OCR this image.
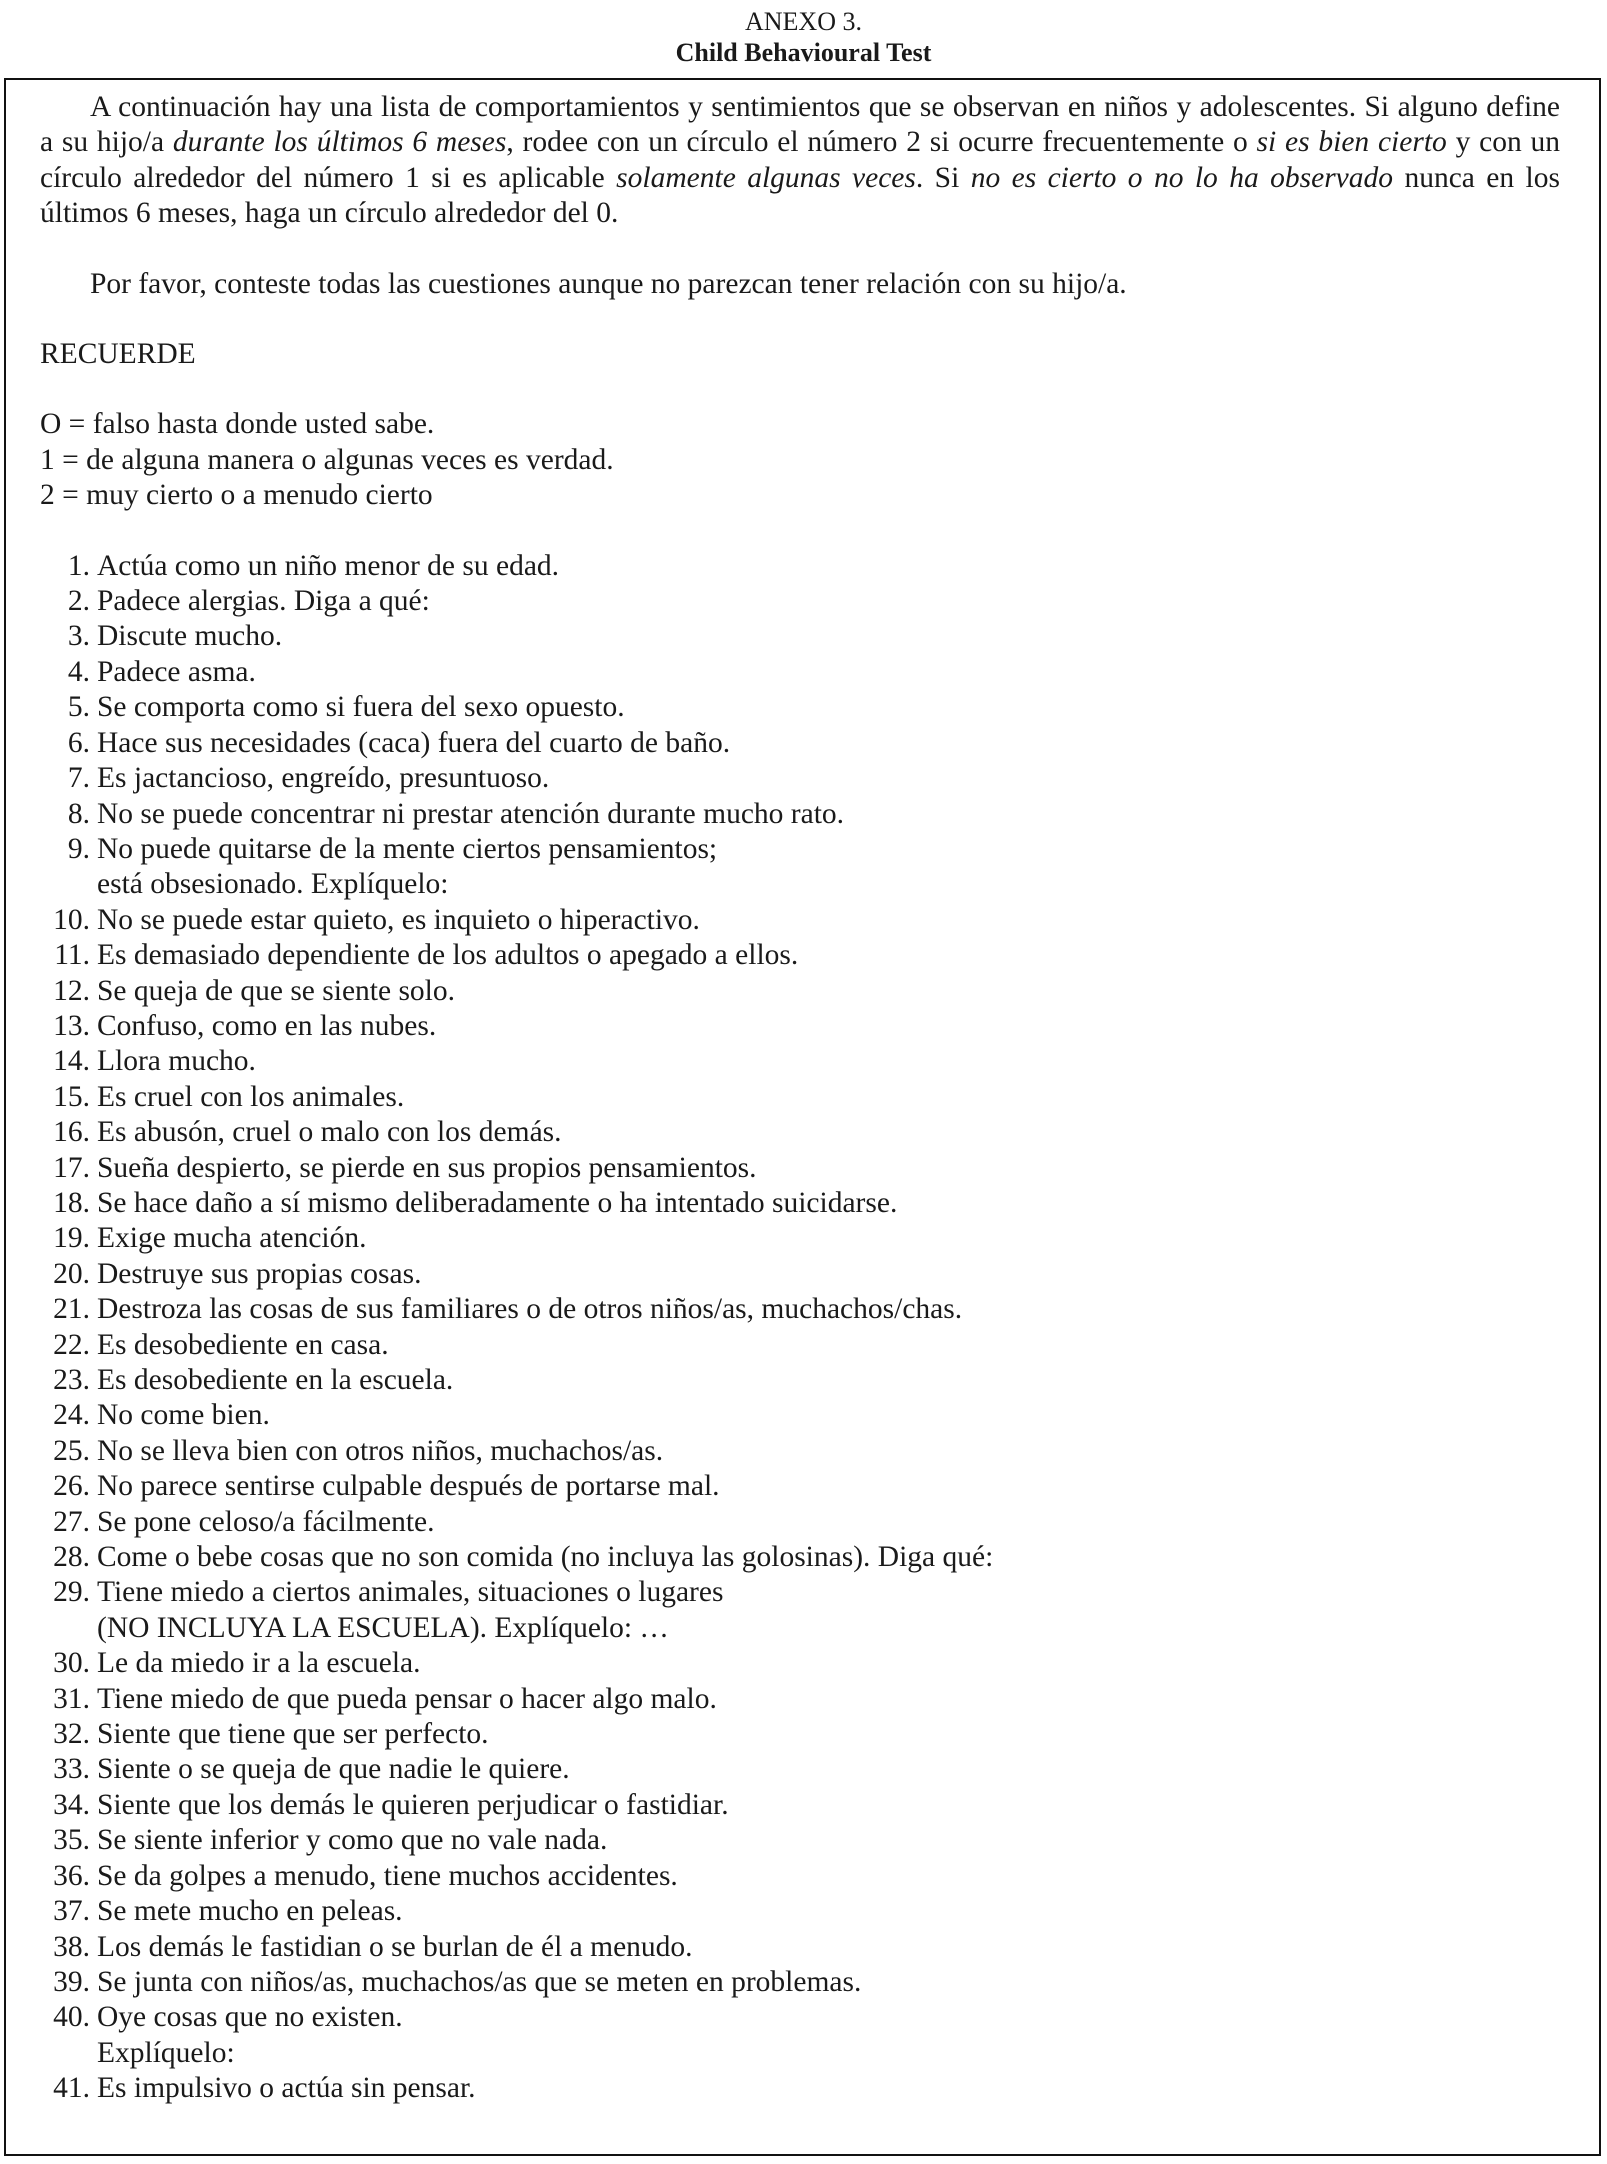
ANEXO 3.
Child Behavioural Test

A continuación hay una lista de comportamientos y sentimientos que se observan en niños y adolescentes. Si alguno define a su hijo/a durante los últimos 6 meses, rodee con un círculo el número 2 si ocurre frecuentemente o si es bien cierto y con un círculo alrededor del número 1 si es aplicable solamente algunas veces. Si no es cierto o no lo ha observado nunca en los últimos 6 meses, haga un círculo alrededor del 0.

Por favor, conteste todas las cuestiones aunque no parezcan tener relación con su hijo/a.

RECUERDE

O = falso hasta donde usted sabe.
1 = de alguna manera o algunas veces es verdad.
2 = muy cierto o a menudo cierto
1. Actúa como un niño menor de su edad.
2. Padece alergias. Diga a qué:
3. Discute mucho.
4. Padece asma.
5. Se comporta como si fuera del sexo opuesto.
6. Hace sus necesidades (caca) fuera del cuarto de baño.
7. Es jactancioso, engreído, presuntuoso.
8. No se puede concentrar ni prestar atención durante mucho rato.
9. No puede quitarse de la mente ciertos pensamientos;
está obsesionado. Explíquelo:
10. No se puede estar quieto, es inquieto o hiperactivo.
11. Es demasiado dependiente de los adultos o apegado a ellos.
12. Se queja de que se siente solo.
13. Confuso, como en las nubes.
14. Llora mucho.
15. Es cruel con los animales.
16. Es abusón, cruel o malo con los demás.
17. Sueña despierto, se pierde en sus propios pensamientos.
18. Se hace daño a sí mismo deliberadamente o ha intentado suicidarse.
19. Exige mucha atención.
20. Destruye sus propias cosas.
21. Destroza las cosas de sus familiares o de otros niños/as, muchachos/chas.
22. Es desobediente en casa.
23. Es desobediente en la escuela.
24. No come bien.
25. No se lleva bien con otros niños, muchachos/as.
26. No parece sentirse culpable después de portarse mal.
27. Se pone celoso/a fácilmente.
28. Come o bebe cosas que no son comida (no incluya las golosinas). Diga qué:
29. Tiene miedo a ciertos animales, situaciones o lugares
(NO INCLUYA LA ESCUELA). Explíquelo: …
30. Le da miedo ir a la escuela.
31. Tiene miedo de que pueda pensar o hacer algo malo.
32. Siente que tiene que ser perfecto.
33. Siente o se queja de que nadie le quiere.
34. Siente que los demás le quieren perjudicar o fastidiar.
35. Se siente inferior y como que no vale nada.
36. Se da golpes a menudo, tiene muchos accidentes.
37. Se mete mucho en peleas.
38. Los demás le fastidian o se burlan de él a menudo.
39. Se junta con niños/as, muchachos/as que se meten en problemas.
40. Oye cosas que no existen.
Explíquelo:
41. Es impulsivo o actúa sin pensar.
